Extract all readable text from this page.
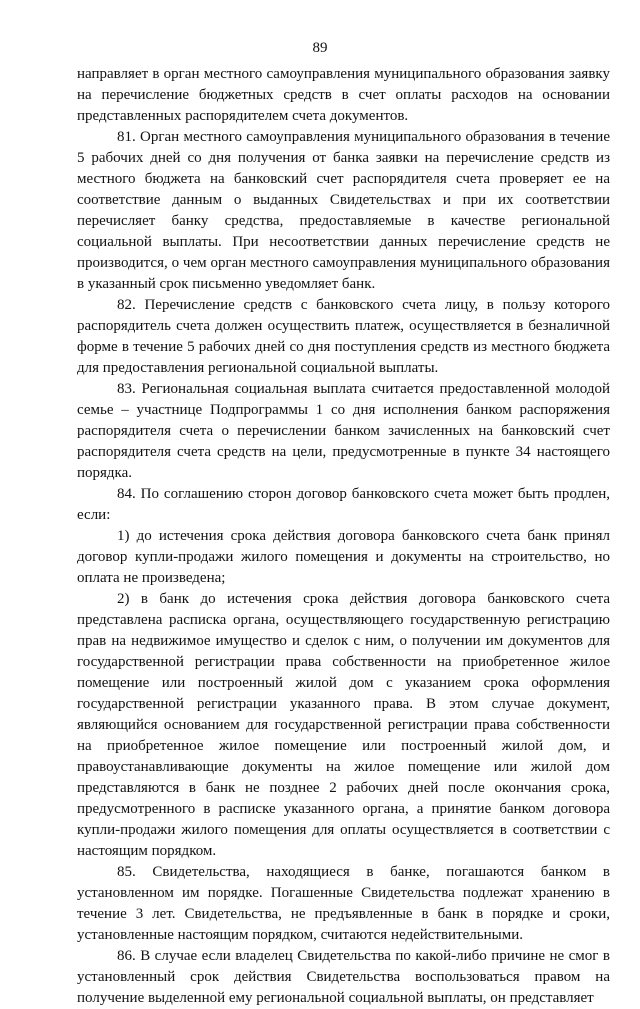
89

направляет в орган местного самоуправления муниципального образования заявку на перечисление бюджетных средств в счет оплаты расходов на основании представленных распорядителем счета документов.

81. Орган местного самоуправления муниципального образования в течение 5 рабочих дней со дня получения от банка заявки на перечисление средств из местного бюджета на банковский счет распорядителя счета проверяет ее на соответствие данным о выданных Свидетельствах и при их соответствии перечисляет банку средства, предоставляемые в качестве региональной социальной выплаты. При несоответствии данных перечисление средств не производится, о чем орган местного самоуправления муниципального образования в указанный срок письменно уведомляет банк.

82. Перечисление средств с банковского счета лицу, в пользу которого распорядитель счета должен осуществить платеж, осуществляется в безналичной форме в течение 5 рабочих дней со дня поступления средств из местного бюджета для предоставления региональной социальной выплаты.

83. Региональная социальная выплата считается предоставленной молодой семье – участнице Подпрограммы 1 со дня исполнения банком распоряжения распорядителя счета о перечислении банком зачисленных на банковский счет распорядителя счета средств на цели, предусмотренные в пункте 34 настоящего порядка.

84. По соглашению сторон договор банковского счета может быть продлен, если:

1) до истечения срока действия договора банковского счета банк принял договор купли-продажи жилого помещения и документы на строительство, но оплата не произведена;

2) в банк до истечения срока действия договора банковского счета представлена расписка органа, осуществляющего государственную регистрацию прав на недвижимое имущество и сделок с ним, о получении им документов для государственной регистрации права собственности на приобретенное жилое помещение или построенный жилой дом с указанием срока оформления государственной регистрации указанного права. В этом случае документ, являющийся основанием для государственной регистрации права собственности на приобретенное жилое помещение или построенный жилой дом, и правоустанавливающие документы на жилое помещение или жилой дом представляются в банк не позднее 2 рабочих дней после окончания срока, предусмотренного в расписке указанного органа, а принятие банком договора купли-продажи жилого помещения для оплаты осуществляется в соответствии с настоящим порядком.

85. Свидетельства, находящиеся в банке, погашаются банком в установленном им порядке. Погашенные Свидетельства подлежат хранению в течение 3 лет. Свидетельства, не предъявленные в банк в порядке и сроки, установленные настоящим порядком, считаются недействительными.

86. В случае если владелец Свидетельства по какой-либо причине не смог в установленный срок действия Свидетельства воспользоваться правом на получение выделенной ему региональной социальной выплаты, он представляет
